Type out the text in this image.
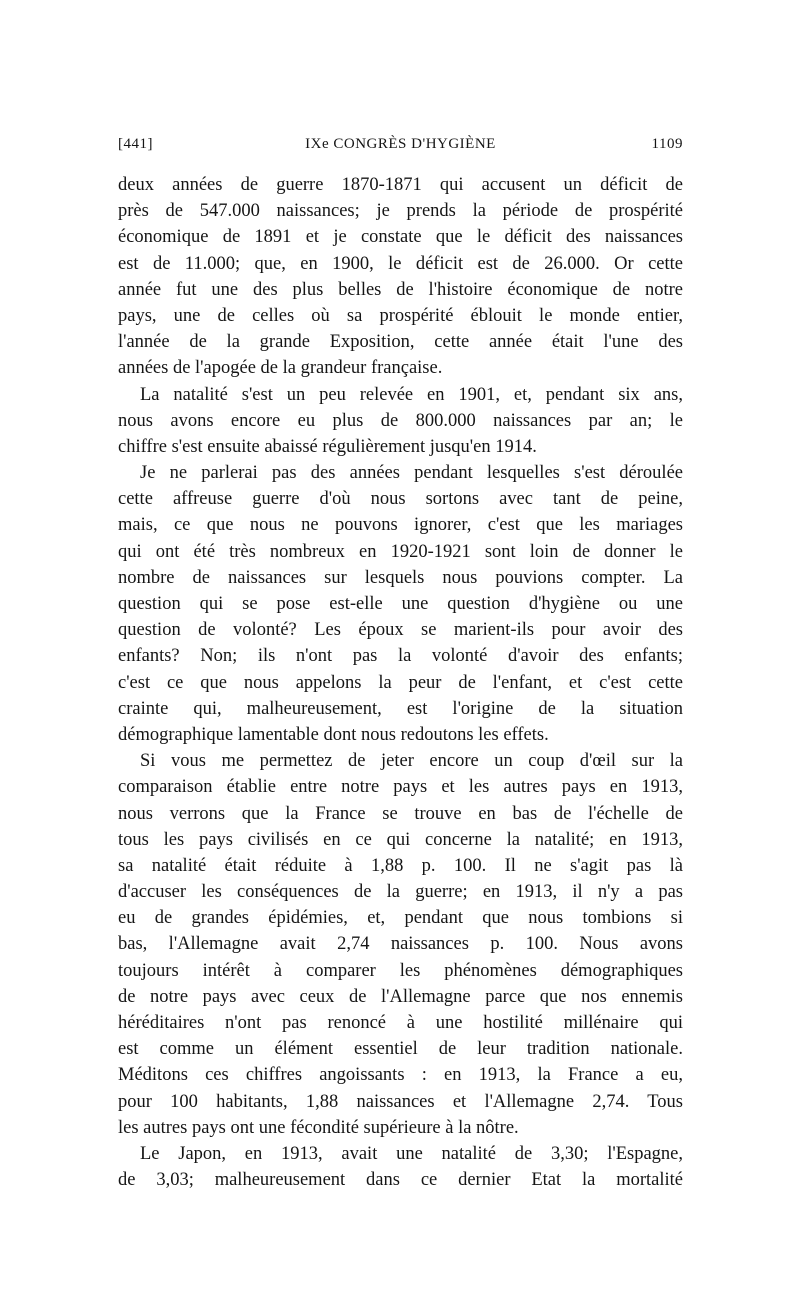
[441]	IXe CONGRÈS D'HYGIÈNE	1109
deux années de guerre 1870-1871 qui accusent un déficit de
près de 547.000 naissances; je prends la période de prospérité
économique de 1891 et je constate que le déficit des naissances
est de 11.000; que, en 1900, le déficit est de 26.000. Or cette
année fut une des plus belles de l'histoire économique de notre
pays, une de celles où sa prospérité éblouit le monde entier,
l'année de la grande Exposition, cette année était l'une des
années de l'apogée de la grandeur française.
La natalité s'est un peu relevée en 1901, et, pendant six ans,
nous avons encore eu plus de 800.000 naissances par an; le
chiffre s'est ensuite abaissé régulièrement jusqu'en 1914.
Je ne parlerai pas des années pendant lesquelles s'est déroulée
cette affreuse guerre d'où nous sortons avec tant de peine,
mais, ce que nous ne pouvons ignorer, c'est que les mariages
qui ont été très nombreux en 1920-1921 sont loin de donner le
nombre de naissances sur lesquels nous pouvions compter. La
question qui se pose est-elle une question d'hygiène ou une
question de volonté? Les époux se marient-ils pour avoir des
enfants? Non; ils n'ont pas la volonté d'avoir des enfants;
c'est ce que nous appelons la peur de l'enfant, et c'est cette
crainte qui, malheureusement, est l'origine de la situation
démographique lamentable dont nous redoutons les effets.
Si vous me permettez de jeter encore un coup d'œil sur la
comparaison établie entre notre pays et les autres pays en 1913,
nous verrons que la France se trouve en bas de l'échelle de
tous les pays civilisés en ce qui concerne la natalité; en 1913,
sa natalité était réduite à 1,88 p. 100. Il ne s'agit pas là
d'accuser les conséquences de la guerre; en 1913, il n'y a pas
eu de grandes épidémies, et, pendant que nous tombions si
bas, l'Allemagne avait 2,74 naissances p. 100. Nous avons
toujours intérêt à comparer les phénomènes démographiques
de notre pays avec ceux de l'Allemagne parce que nos ennemis
héréditaires n'ont pas renoncé à une hostilité millénaire qui
est comme un élément essentiel de leur tradition nationale.
Méditons ces chiffres angoissants : en 1913, la France a eu,
pour 100 habitants, 1,88 naissances et l'Allemagne 2,74. Tous
les autres pays ont une fécondité supérieure à la nôtre.
Le Japon, en 1913, avait une natalité de 3,30; l'Espagne,
de 3,03; malheureusement dans ce dernier Etat la mortalité
